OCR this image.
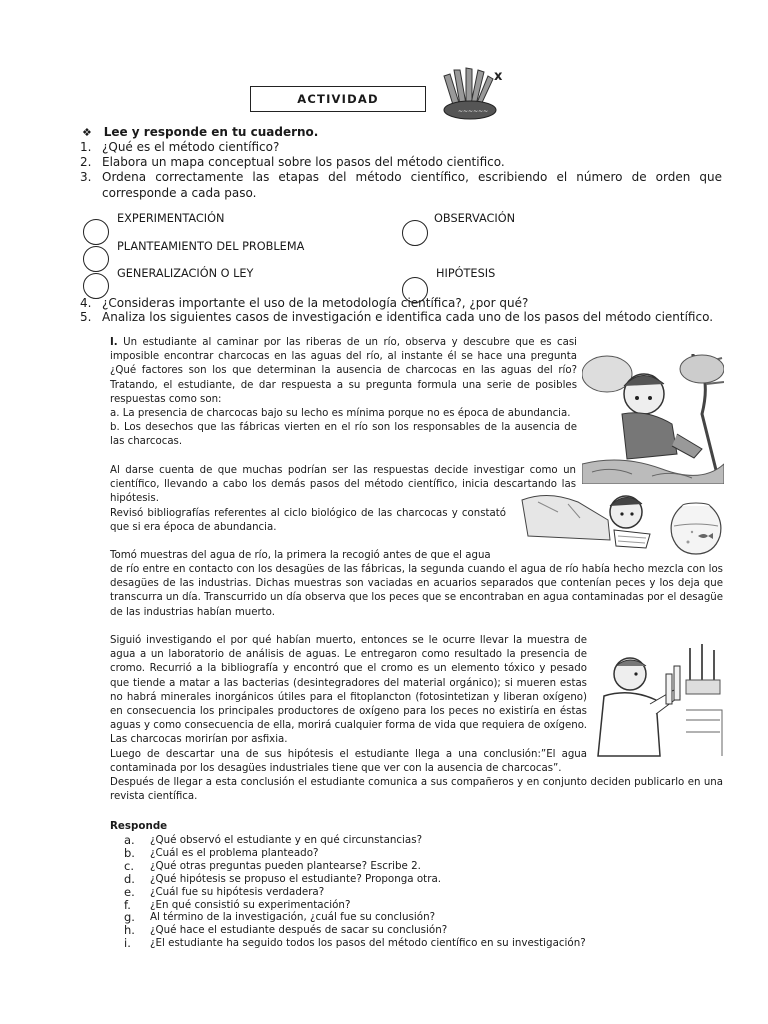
ACTIVIDAD
~~~~~~
x
❖ Lee y responde en tu cuaderno.
1. ¿Qué es el método científico?
2. Elabora un mapa conceptual sobre los pasos del método cientifico.
3. Ordena correctamente las etapas del método científico, escribiendo el número de orden que corresponde a cada paso.
EXPERIMENTACIÓN
PLANTEAMIENTO DEL PROBLEMA
GENERALIZACIÓN O LEY
OBSERVACIÓN
HIPÓTESIS
4. ¿Consideras importante el uso de la metodología científica?, ¿por qué?
5. Analiza los siguientes casos de investigación e identifica cada uno de los pasos del método científico.
I. Un estudiante al caminar por las riberas de un río, observa y descubre que es casi imposible encontrar charcocas en las aguas del río, al instante él se hace una pregunta ¿Qué factores son los que determinan la ausencia de charcocas en las aguas del río? Tratando, el estudiante, de dar respuesta a su pregunta formula una serie de posibles respuestas como son:
a. La presencia de charcocas bajo su lecho es mínima porque no es época de abundancia.
b. Los desechos que las fábricas vierten en el río son los responsables de la ausencia de las charcocas.
Al darse cuenta de que muchas podrían ser las respuestas decide investigar como un científico, llevando a cabo los demás pasos del método científico, inicia descartando las hipótesis.
Revisó bibliografías referentes al ciclo biológico de las charcocas y constató que si era época de abundancia.
Tomó muestras del agua de río, la primera la recogió antes de que el agua
de río entre en contacto con los desagües de las fábricas, la segunda cuando el agua de río había hecho mezcla con los desagües de las industrias. Dichas muestras son vaciadas en acuarios separados que contenían peces y los deja que transcurra un día. Transcurrido un día observa que los peces que se encontraban en agua contaminadas por el desagüe de las industrias habían muerto.
Siguió investigando el por qué habían muerto, entonces se le ocurre llevar la muestra de agua a un laboratorio de análisis de aguas. Le entregaron como resultado la presencia de cromo. Recurrió a la bibliografía y encontró que el cromo es un elemento tóxico y pesado que tiende a matar a las bacterias (desintegradores del material orgánico); si mueren estas no habrá minerales inorgánicos útiles para el fitoplancton (fotosintetizan y liberan oxígeno) en consecuencia los principales productores de oxígeno para los peces no existiría en éstas aguas y como consecuencia de ella, morirá cualquier forma de vida que requiera de oxígeno. Las charcocas morirían por asfixia.
Luego de descartar una de sus hipótesis el estudiante llega a una conclusión:”El agua contaminada por los desagües industriales tiene que ver con la ausencia de charcocas”.
Después de llegar a esta conclusión el estudiante comunica a sus compañeros y en conjunto deciden publicarlo en una revista científica.
Responde
a. ¿Qué observó el estudiante y en qué circunstancias?
b. ¿Cuál es el problema planteado?
c. ¿Qué otras preguntas pueden plantearse? Escribe 2.
d. ¿Qué hipótesis se propuso el estudiante? Proponga otra.
e. ¿Cuál fue su hipótesis verdadera?
f. ¿En qué consistió su experimentación?
g. Al término de la investigación, ¿cuál fue su conclusión?
h. ¿Qué hace el estudiante después de sacar su conclusión?
i. ¿El estudiante ha seguido todos los pasos del método científico en su investigación?
